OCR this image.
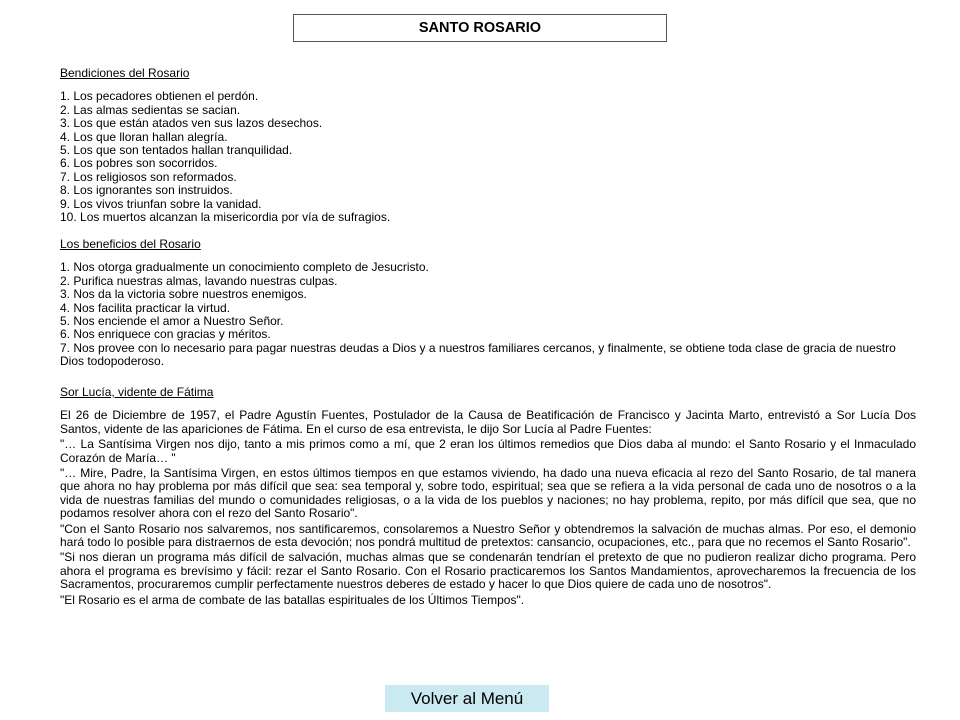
SANTO ROSARIO

Bendiciones del Rosario

1. Los pecadores obtienen el perdón.
2. Las almas sedientas se sacian.
3. Los que están atados ven sus lazos desechos.
4. Los que lloran hallan alegría.
5. Los que son tentados hallan tranquilidad.
6. Los pobres son socorridos.
7. Los religiosos son reformados.
8. Los ignorantes son instruidos.
9. Los vivos triunfan sobre la vanidad.
10. Los muertos alcanzan la misericordia por vía de sufragios.

Los beneficios del Rosario

1. Nos otorga gradualmente un conocimiento completo de Jesucristo.
2. Purifica nuestras almas, lavando nuestras culpas.
3. Nos da la victoria sobre nuestros enemigos.
4. Nos facilita practicar la virtud.
5. Nos enciende el amor a Nuestro Señor.
6. Nos enriquece con gracias y méritos.
7. Nos provee con lo necesario para pagar nuestras deudas a Dios y a nuestros familiares cercanos, y finalmente, se obtiene toda clase de gracia de nuestro Dios todopoderoso.

Sor Lucía, vidente de Fátima

El 26 de Diciembre de 1957, el Padre Agustín Fuentes, Postulador de la Causa de Beatificación de Francisco y Jacinta Marto, entrevistó a Sor Lucía Dos Santos, vidente de las apariciones de Fátima. En el curso de esa entrevista, le dijo Sor Lucía al Padre Fuentes:

"… La Santísima Virgen nos dijo, tanto a mis primos como a mí, que 2 eran los últimos remedios que Dios daba al mundo: el Santo Rosario y el Inmaculado Corazón de María… "

"… Mire, Padre, la Santísima Virgen, en estos últimos tiempos en que estamos viviendo, ha dado una nueva eficacia al rezo del Santo Rosario, de tal manera que ahora no hay problema por más difícil que sea: sea temporal y, sobre todo, espiritual; sea que se refiera a la vida personal de cada uno de nosotros o a la vida de nuestras familias del mundo o comunidades religiosas, o a la vida de los pueblos y naciones; no hay problema, repito, por más difícil que sea, que no podamos resolver ahora con el rezo del Santo Rosario".

"Con el Santo Rosario nos salvaremos, nos santificaremos, consolaremos a Nuestro Señor y obtendremos la salvación de muchas almas. Por eso, el demonio hará todo lo posible para distraernos de esta devoción; nos pondrá multitud de pretextos: cansancio, ocupaciones, etc., para que no recemos el Santo Rosario".

"Si nos dieran un programa más difícil de salvación, muchas almas que se condenarán tendrían el pretexto de que no pudieron realizar dicho programa. Pero ahora el programa es brevísimo y fácil: rezar el Santo Rosario. Con el Rosario practicaremos los Santos Mandamientos, aprovecharemos la frecuencia de los Sacramentos, procuraremos cumplir perfectamente nuestros deberes de estado y hacer lo que Dios quiere de cada uno de nosotros".

"El Rosario es el arma de combate de las batallas espirituales de los Últimos Tiempos".

Volver al Menú
